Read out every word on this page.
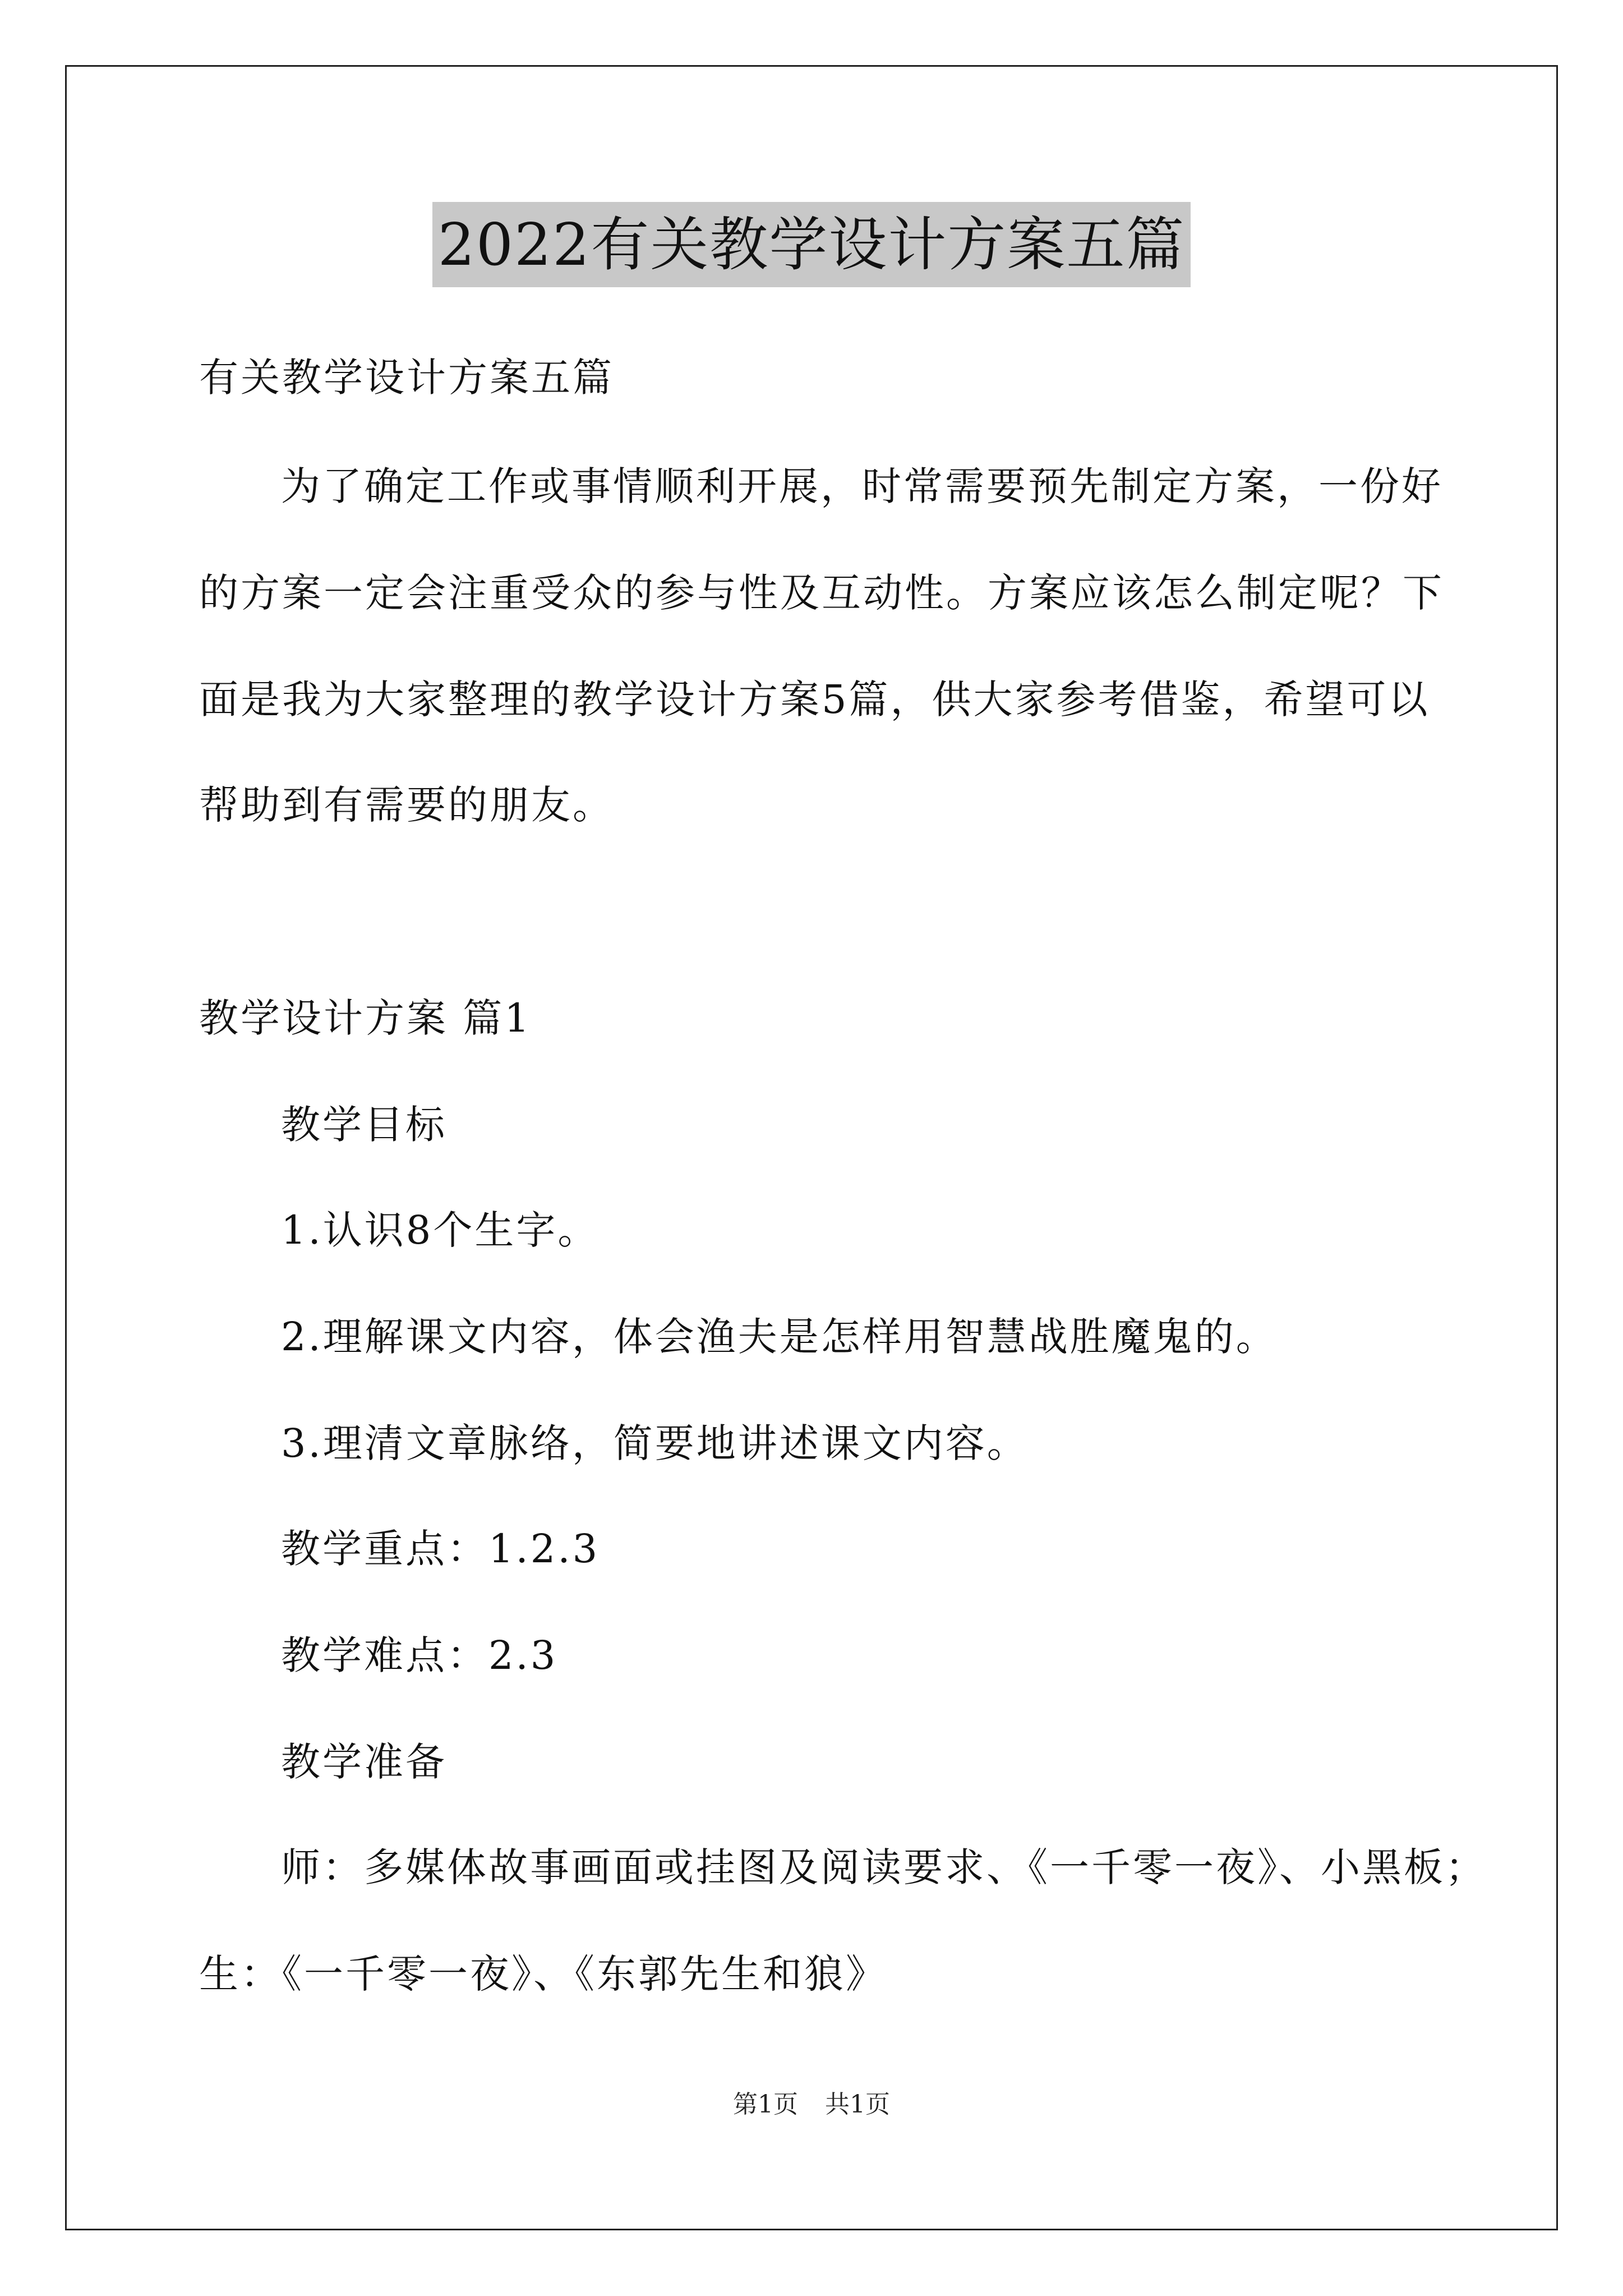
2022有关教学设计方案五篇
有关教学设计方案五篇
为了确定工作或事情顺利开展，时常需要预先制定方案，一份好
的方案一定会注重受众的参与性及互动性。方案应该怎么制定呢？下
面是我为大家整理的教学设计方案5篇，供大家参考借鉴，希望可以
帮助到有需要的朋友。
教学设计方案 篇1
教学目标
1.认识8个生字。
2.理解课文内容，体会渔夫是怎样用智慧战胜魔鬼的。
3.理清文章脉络，简要地讲述课文内容。
教学重点：1.2.3
教学难点：2.3
教学准备
师：多媒体故事画面或挂图及阅读要求、《一千零一夜》、小黑板；
生：《一千零一夜》、《东郭先生和狼》
第1页 共1页
